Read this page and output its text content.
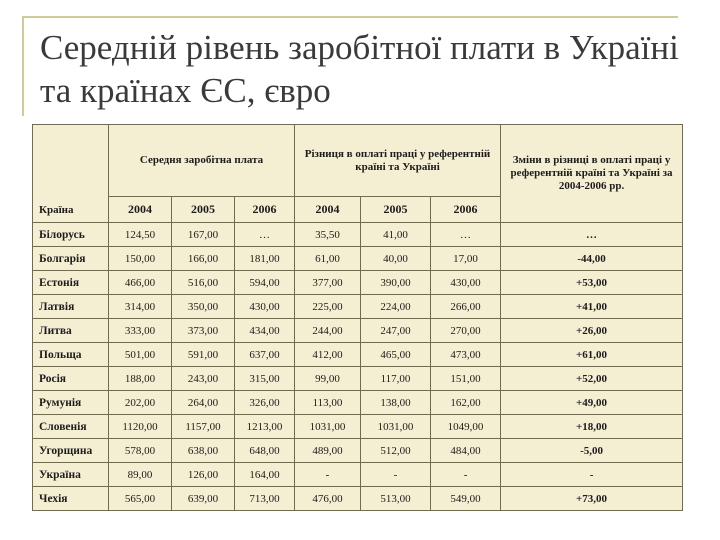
Середній рівень заробітної плати в Україні та країнах ЄС, євро
Країна	Середня заробітна плата			Різниця в оплаті праці у референтній країні та Україні			Зміни в різниці в оплаті праці у референтній країні та Україні за 2004-2006 рр.
	2004	2005	2006	2004	2005	2006	
Білорусь	124,50	167,00	…	35,50	41,00	…	…
Болгарія	150,00	166,00	181,00	61,00	40,00	17,00	-44,00
Естонія	466,00	516,00	594,00	377,00	390,00	430,00	+53,00
Латвія	314,00	350,00	430,00	225,00	224,00	266,00	+41,00
Литва	333,00	373,00	434,00	244,00	247,00	270,00	+26,00
Польща	501,00	591,00	637,00	412,00	465,00	473,00	+61,00
Росія	188,00	243,00	315,00	99,00	117,00	151,00	+52,00
Румунія	202,00	264,00	326,00	113,00	138,00	162,00	+49,00
Словенія	1120,00	1157,00	1213,00	1031,00	1031,00	1049,00	+18,00
Угорщина	578,00	638,00	648,00	489,00	512,00	484,00	-5,00
Україна	89,00	126,00	164,00	-	-	-	-
Чехія	565,00	639,00	713,00	476,00	513,00	549,00	+73,00
